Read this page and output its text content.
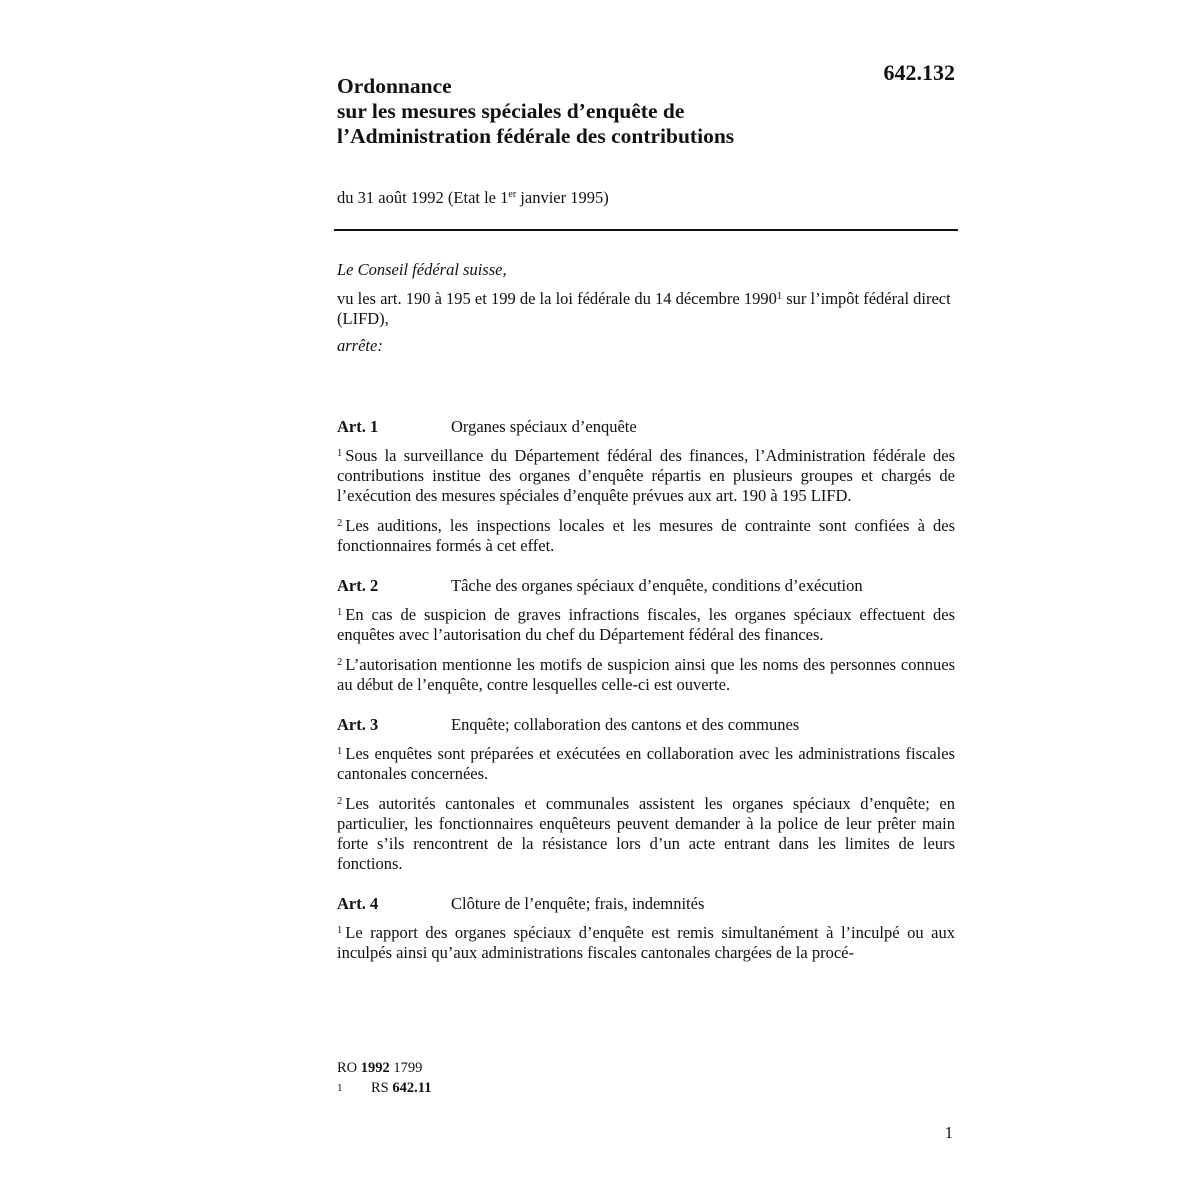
642.132
Ordonnance
sur les mesures spéciales d’enquête de
l’Administration fédérale des contributions
du 31 août 1992 (Etat le 1er janvier 1995)

Le Conseil fédéral suisse,

vu les art. 190 à 195 et 199 de la loi fédérale du 14 décembre 1990$^1$ sur l’impôt fédéral direct (LIFD),

arrête:

Art. 1	Organes spéciaux d’enquête

$^1$ Sous la surveillance du Département fédéral des finances, l’Administration fédérale des contributions institue des organes d’enquête répartis en plusieurs groupes et chargés de l’exécution des mesures spéciales d’enquête prévues aux art. 190 à 195 LIFD.

$^2$ Les auditions, les inspections locales et les mesures de contrainte sont confiées à des fonctionnaires formés à cet effet.

Art. 2	Tâche des organes spéciaux d’enquête, conditions d’exécution

$^1$ En cas de suspicion de graves infractions fiscales, les organes spéciaux effectuent des enquêtes avec l’autorisation du chef du Département fédéral des finances.

$^2$ L’autorisation mentionne les motifs de suspicion ainsi que les noms des personnes connues au début de l’enquête, contre lesquelles celle-ci est ouverte.

Art. 3	Enquête; collaboration des cantons et des communes

$^1$ Les enquêtes sont préparées et exécutées en collaboration avec les administrations fiscales cantonales concernées.

$^2$ Les autorités cantonales et communales assistent les organes spéciaux d’enquête; en particulier, les fonctionnaires enquêteurs peuvent demander à la police de leur prêter main forte s’ils rencontrent de la résistance lors d’un acte entrant dans les limites de leurs fonctions.

Art. 4	Clôture de l’enquête; frais, indemnités

$^1$ Le rapport des organes spéciaux d’enquête est remis simultanément à l’inculpé ou aux inculpés ainsi qu’aux administrations fiscales cantonales chargées de la procé-

RO 1992 1799
1	RS 642.11
1
